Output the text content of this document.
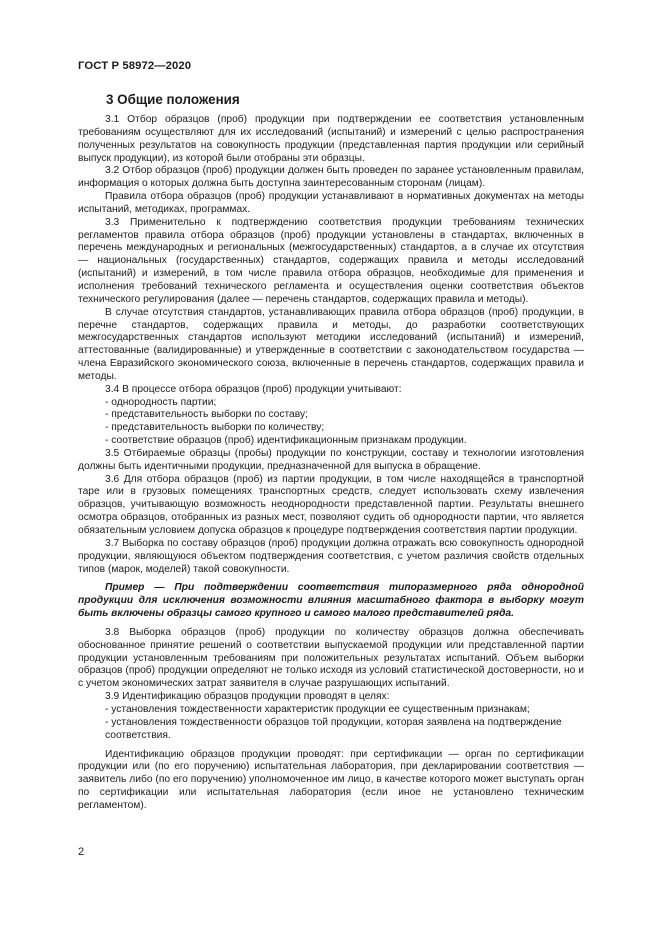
ГОСТ Р 58972—2020
3 Общие положения

3.1 Отбор образцов (проб) продукции при подтверждении ее соответствия установленным требованиям осуществляют для их исследований (испытаний) и измерений с целью распространения полученных результатов на совокупность продукции (представленная партия продукции или серийный выпуск продукции), из которой были отобраны эти образцы.

3.2 Отбор образцов (проб) продукции должен быть проведен по заранее установленным правилам, информация о которых должна быть доступна заинтересованным сторонам (лицам).

Правила отбора образцов (проб) продукции устанавливают в нормативных документах на методы испытаний, методиках, программах.

3.3 Применительно к подтверждению соответствия продукции требованиям технических регламентов правила отбора образцов (проб) продукции установлены в стандартах, включенных в перечень международных и региональных (межгосударственных) стандартов, а в случае их отсутствия — национальных (государственных) стандартов, содержащих правила и методы исследований (испытаний) и измерений, в том числе правила отбора образцов, необходимые для применения и исполнения требований технического регламента и осуществления оценки соответствия объектов технического регулирования (далее — перечень стандартов, содержащих правила и методы).

В случае отсутствия стандартов, устанавливающих правила отбора образцов (проб) продукции, в перечне стандартов, содержащих правила и методы, до разработки соответствующих межгосударственных стандартов используют методики исследований (испытаний) и измерений, аттестованные (валидированные) и утвержденные в соответствии с законодательством государства — члена Евразийского экономического союза, включенные в перечень стандартов, содержащих правила и методы.

3.4 В процессе отбора образцов (проб) продукции учитывают:

- однородность партии;

- представительность выборки по составу;

- представительность выборки по количеству;

- соответствие образцов (проб) идентификационным признакам продукции.

3.5 Отбираемые образцы (пробы) продукции по конструкции, составу и технологии изготовления должны быть идентичными продукции, предназначенной для выпуска в обращение.

3.6 Для отбора образцов (проб) из партии продукции, в том числе находящейся в транспортной таре или в грузовых помещениях транспортных средств, следует использовать схему извлечения образцов, учитывающую возможность неоднородности представленной партии. Результаты внешнего осмотра образцов, отобранных из разных мест, позволяют судить об однородности партии, что является обязательным условием допуска образцов к процедуре подтверждения соответствия партии продукции.

3.7 Выборка по составу образцов (проб) продукции должна отражать всю совокупность однородной продукции, являющуюся объектом подтверждения соответствия, с учетом различия свойств отдельных типов (марок, моделей) такой совокупности.

Пример — При подтверждении соответствия типоразмерного ряда однородной продукции для исключения возможности влияния масштабного фактора в выборку могут быть включены образцы самого крупного и самого малого представителей ряда.

3.8 Выборка образцов (проб) продукции по количеству образцов должна обеспечивать обоснованное принятие решений о соответствии выпускаемой продукции или представленной партии продукции установленным требованиям при положительных результатах испытаний. Объем выборки образцов (проб) продукции определяют не только исходя из условий статистической достоверности, но и с учетом экономических затрат заявителя в случае разрушающих испытаний.

3.9 Идентификацию образцов продукции проводят в целях:

- установления тождественности характеристик продукции ее существенным признакам;

- установления тождественности образцов той продукции, которая заявлена на подтверждение соответствия.

Идентификацию образцов продукции проводят: при сертификации — орган по сертификации продукции или (по его поручению) испытательная лаборатория, при декларировании соответствия — заявитель либо (по его поручению) уполномоченное им лицо, в качестве которого может выступать орган по сертификации или испытательная лаборатория (если иное не установлено техническим регламентом).

2
